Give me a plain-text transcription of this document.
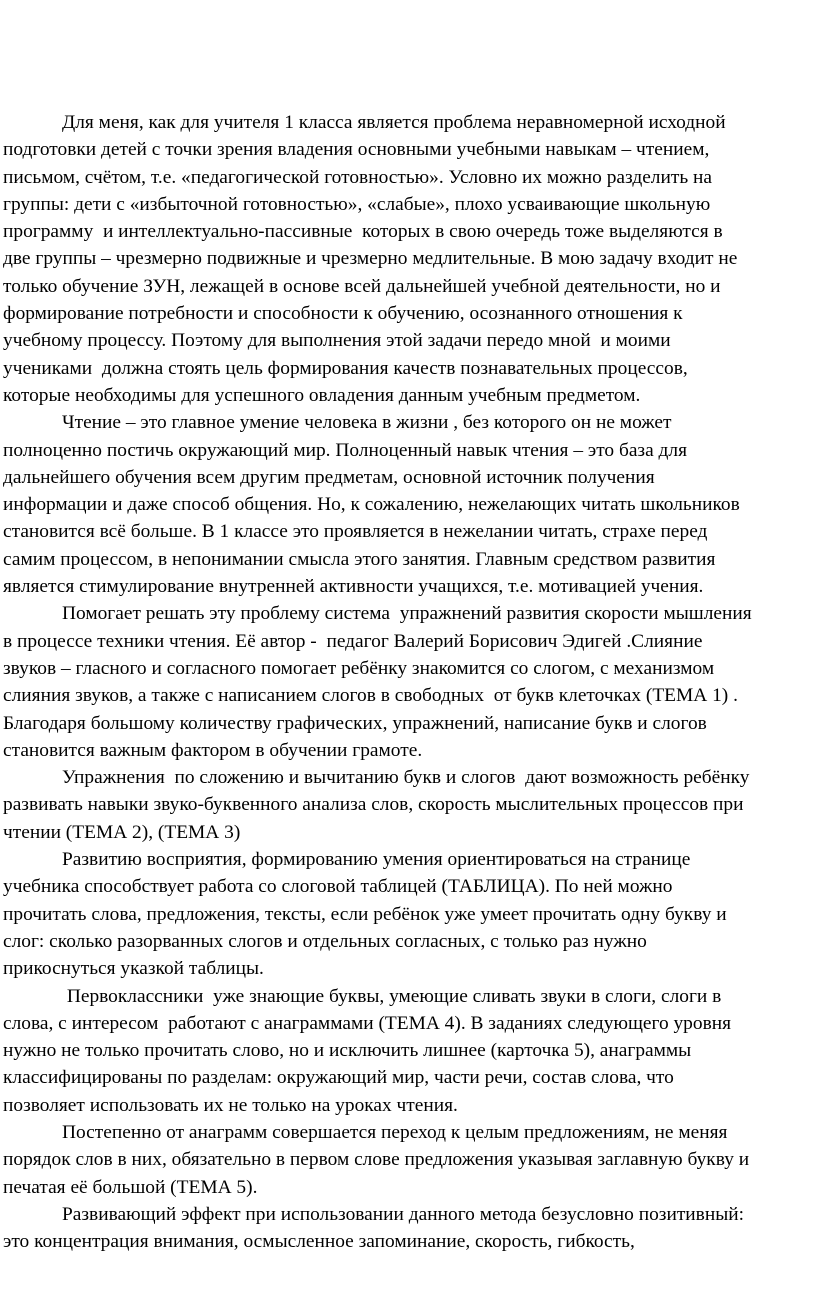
Для меня, как для учителя 1 класса является проблема неравномерной исходной
подготовки детей с точки зрения владения основными учебными навыкам – чтением,
письмом, счётом, т.е. «педагогической готовностью». Условно их можно разделить на
группы: дети с «избыточной готовностью», «слабые», плохо усваивающие школьную
программу  и интеллектуально-пассивные  которых в свою очередь тоже выделяются в
две группы – чрезмерно подвижные и чрезмерно медлительные. В мою задачу входит не
только обучение ЗУН, лежащей в основе всей дальнейшей учебной деятельности, но и
формирование потребности и способности к обучению, осознанного отношения к
учебному процессу. Поэтому для выполнения этой задачи передо мной  и моими
учениками  должна стоять цель формирования качеств познавательных процессов,
которые необходимы для успешного овладения данным учебным предметом.
Чтение – это главное умение человека в жизни , без которого он не может
полноценно постичь окружающий мир. Полноценный навык чтения – это база для
дальнейшего обучения всем другим предметам, основной источник получения
информации и даже способ общения. Но, к сожалению, нежелающих читать школьников
становится всё больше. В 1 классе это проявляется в нежелании читать, страхе перед
самим процессом, в непонимании смысла этого занятия. Главным средством развития
является стимулирование внутренней активности учащихся, т.е. мотивацией учения.
Помогает решать эту проблему система  упражнений развития скорости мышления
в процессе техники чтения. Её автор -  педагог Валерий Борисович Эдигей .Слияние
звуков – гласного и согласного помогает ребёнку знакомится со слогом, с механизмом
слияния звуков, а также с написанием слогов в свободных  от букв клеточках (ТЕМА 1) .
Благодаря большому количеству графических, упражнений, написание букв и слогов
становится важным фактором в обучении грамоте.
Упражнения  по сложению и вычитанию букв и слогов  дают возможность ребёнку
развивать навыки звуко-буквенного анализа слов, скорость мыслительных процессов при
чтении (ТЕМА 2), (ТЕМА 3)
Развитию восприятия, формированию умения ориентироваться на странице
учебника способствует работа со слоговой таблицей (ТАБЛИЦА). По ней можно
прочитать слова, предложения, тексты, если ребёнок уже умеет прочитать одну букву и
слог: сколько разорванных слогов и отдельных согласных, с только раз нужно
прикоснуться указкой таблицы.
Первоклассники  уже знающие буквы, умеющие сливать звуки в слоги, слоги в
слова, с интересом  работают с анаграммами (ТЕМА 4). В заданиях следующего уровня
нужно не только прочитать слово, но и исключить лишнее (карточка 5), анаграммы
классифицированы по разделам: окружающий мир, части речи, состав слова, что
позволяет использовать их не только на уроках чтения.
Постепенно от анаграмм совершается переход к целым предложениям, не меняя
порядок слов в них, обязательно в первом слове предложения указывая заглавную букву и
печатая её большой (ТЕМА 5).
Развивающий эффект при использовании данного метода безусловно позитивный:
это концентрация внимания, осмысленное запоминание, скорость, гибкость,
